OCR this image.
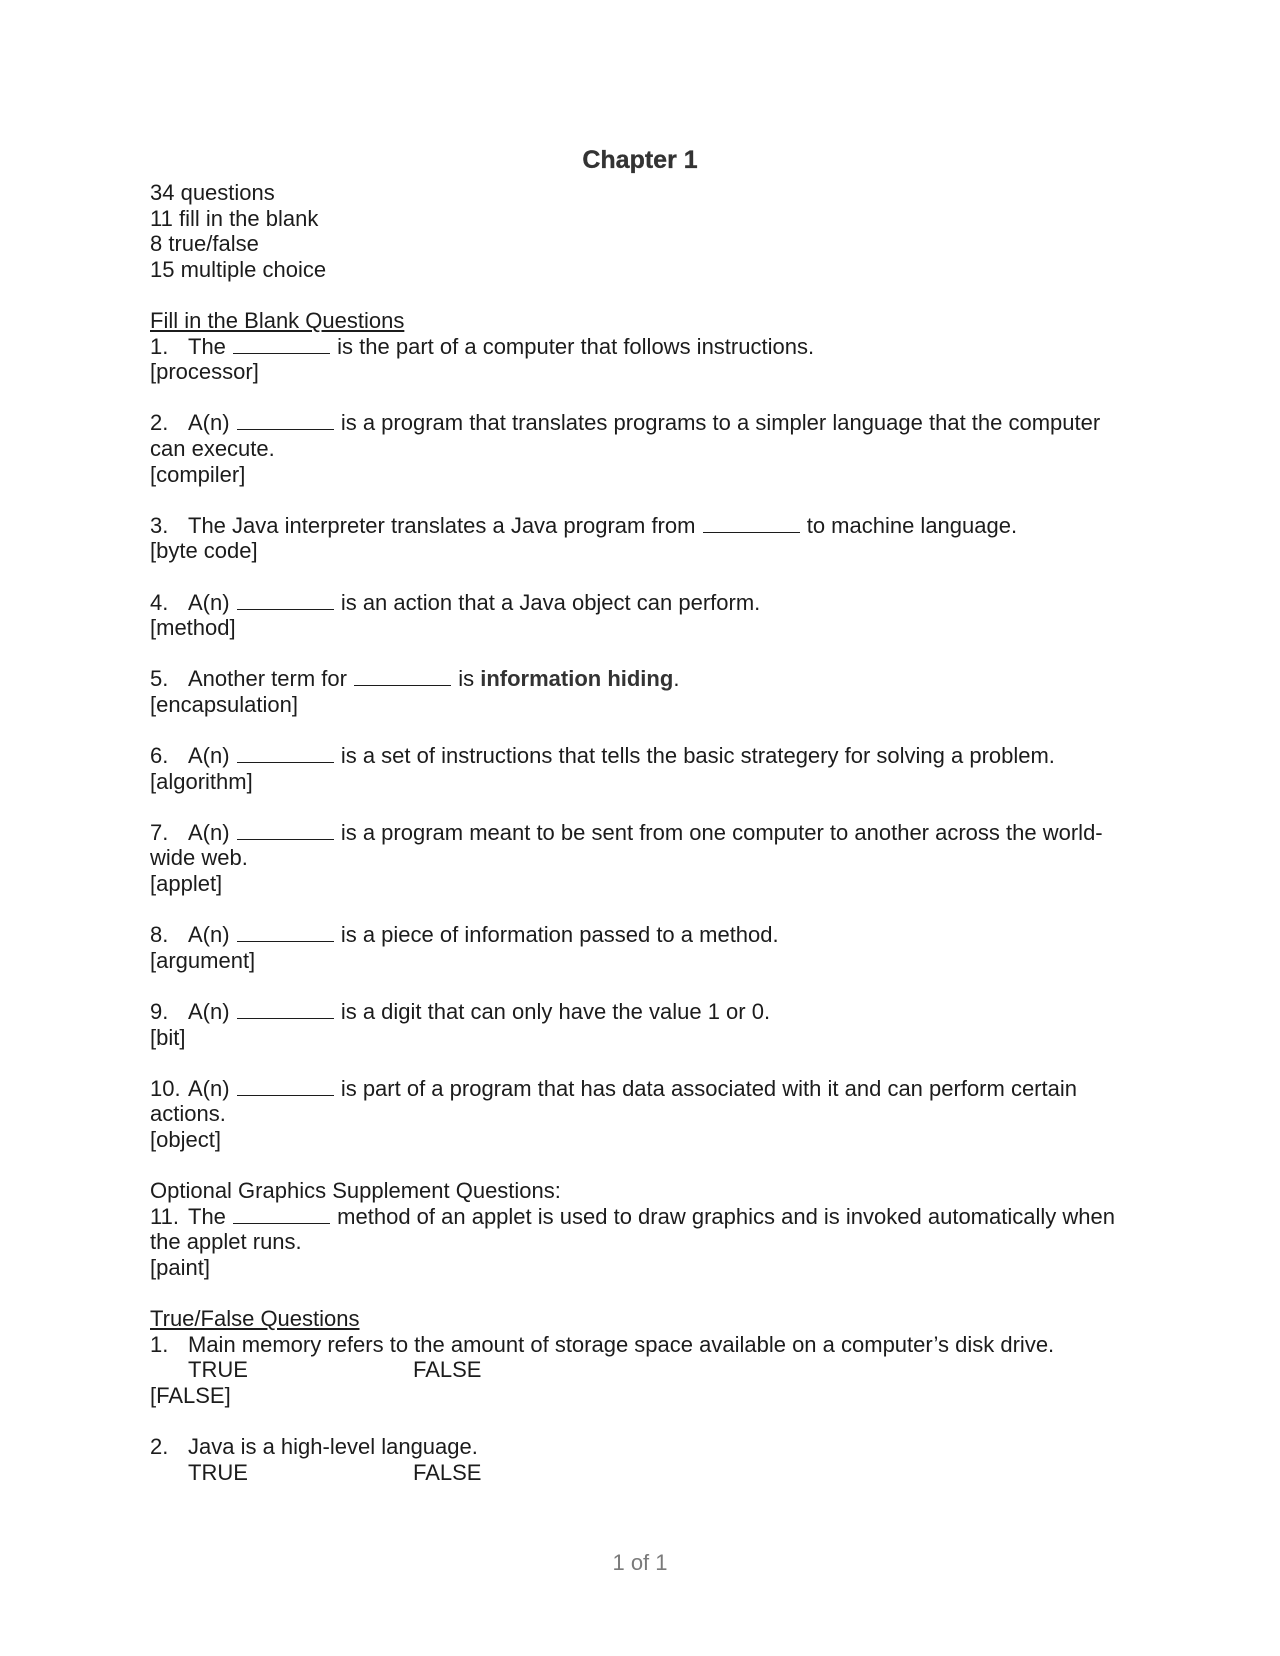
Chapter 1
34 questions
11 fill in the blank
8 true/false
15 multiple choice
Fill in the Blank Questions
1. The	is the part of a computer that follows instructions.
[processor]
2. A(n)	is a program that translates programs to a simpler language that the computer can execute.
[compiler]
3. The Java interpreter translates a Java program from	to machine language.
[byte code]
4. A(n)	is an action that a Java object can perform.
[method]
5. Another term for	is information hiding.
[encapsulation]
6. A(n)	is a set of instructions that tells the basic strategery for solving a problem.
[algorithm]
7. A(n)	is a program meant to be sent from one computer to another across the world-wide web.
[applet]
8. A(n)	is a piece of information passed to a method.
[argument]
9. A(n)	is a digit that can only have the value 1 or 0.
[bit]
10. A(n)	is part of a program that has data associated with it and can perform certain actions.
[object]
Optional Graphics Supplement Questions:
11. The	method of an applet is used to draw graphics and is invoked automatically when the applet runs.
[paint]
True/False Questions
1. Main memory refers to the amount of storage space available on a computer’s disk drive.
TRUE	FALSE
[FALSE]
2. Java is a high-level language.
TRUE	FALSE
1 of 1
